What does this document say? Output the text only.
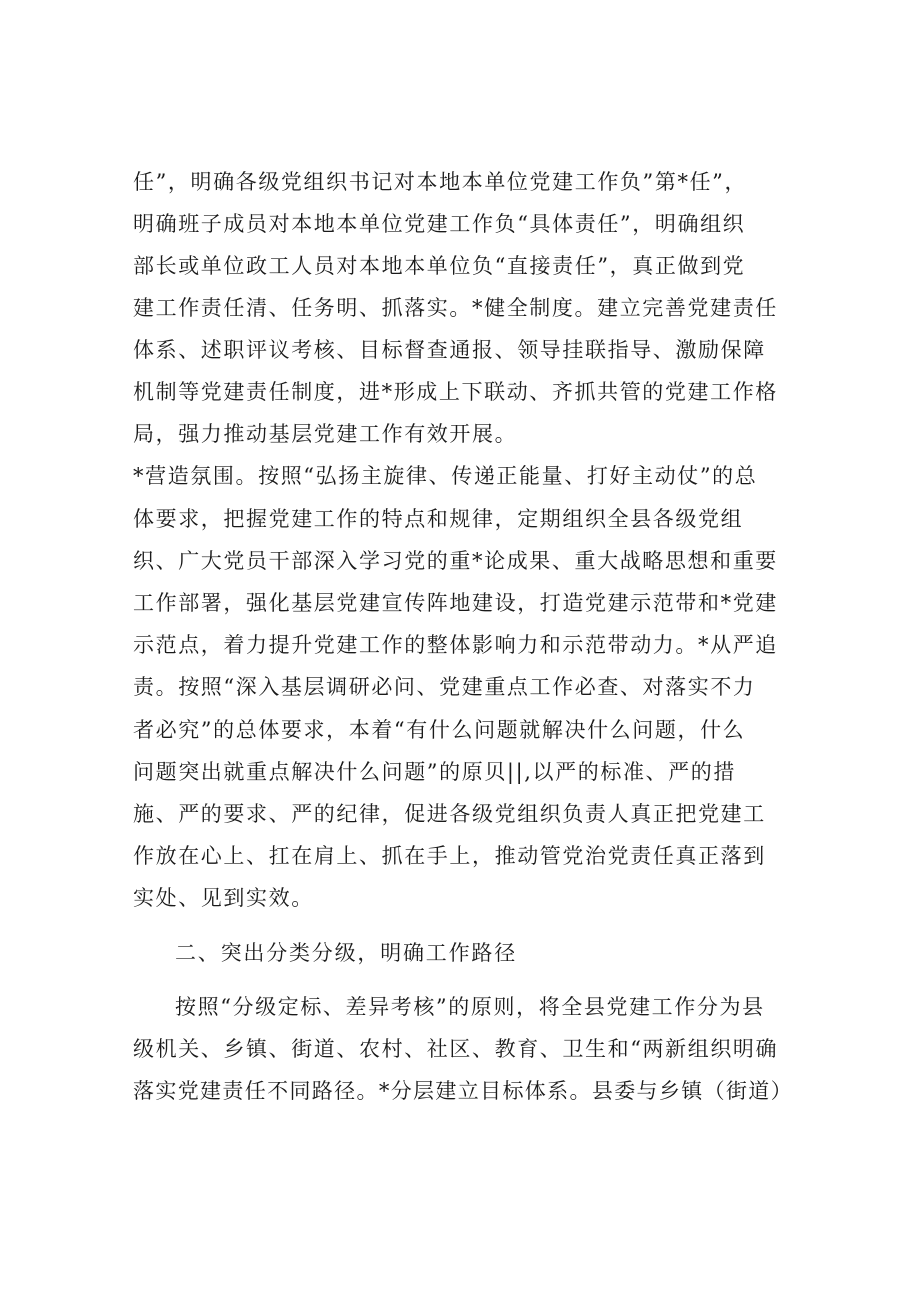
任”，明确各级党组织书记对本地本单位党建工作负”第*任”，
明确班子成员对本地本单位党建工作负“具体责任”，明确组织
部长或单位政工人员对本地本单位负“直接责任”，真正做到党
建工作责任清、任务明、抓落实。*健全制度。建立完善党建责任
体系、述职评议考核、目标督查通报、领导挂联指导、激励保障
机制等党建责任制度，进*形成上下联动、齐抓共管的党建工作格
局，强力推动基层党建工作有效开展。
*营造氛围。按照“弘扬主旋律、传递正能量、打好主动仗”的总
体要求，把握党建工作的特点和规律，定期组织全县各级党组
织、广大党员干部深入学习党的重*论成果、重大战略思想和重要
工作部署，强化基层党建宣传阵地建设，打造党建示范带和*党建
示范点，着力提升党建工作的整体影响力和示范带动力。*从严追
责。按照“深入基层调研必问、党建重点工作必查、对落实不力
者必究”的总体要求，本着“有什么问题就解决什么问题，什么
问题突出就重点解决什么问题”的原贝||,以严的标准、严的措
施、严的要求、严的纪律，促进各级党组织负责人真正把党建工
作放在心上、扛在肩上、抓在手上，推动管党治党责任真正落到
实处、见到实效。
二、突出分类分级，明确工作路径
按照“分级定标、差异考核”的原则，将全县党建工作分为县
级机关、乡镇、街道、农村、社区、教育、卫生和“两新组织明确
落实党建责任不同路径。*分层建立目标体系。县委与乡镇（街道）
